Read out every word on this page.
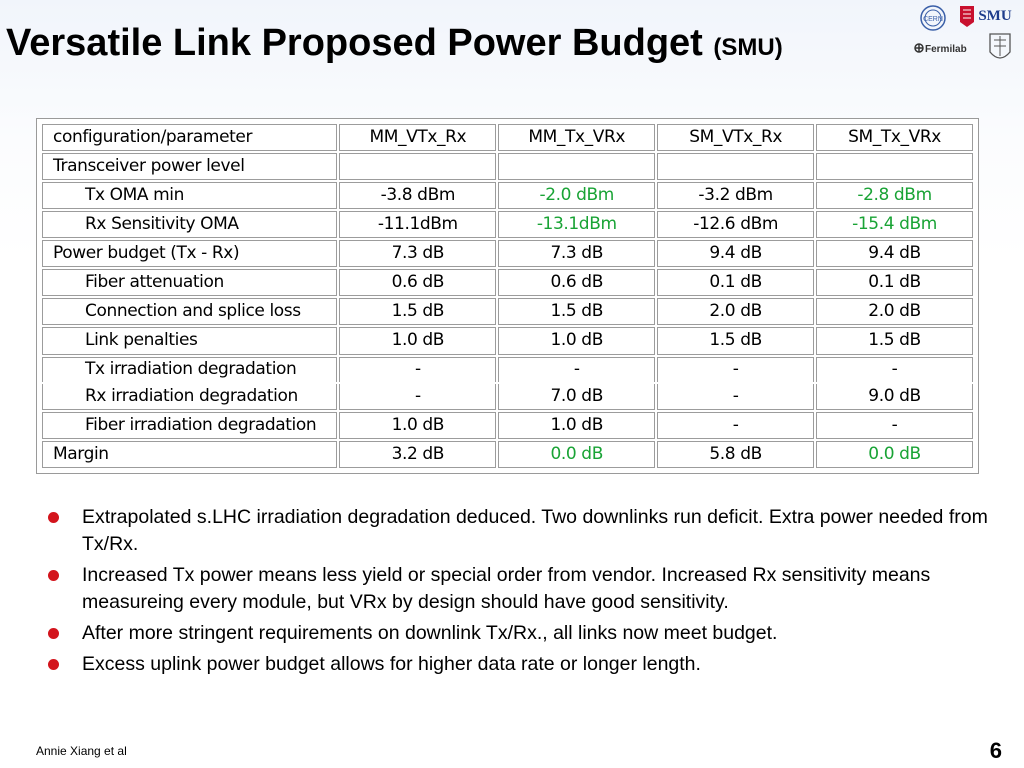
Versatile Link Proposed Power Budget (SMU)
CERN SMU
Fermilab
configuration/parameter	MM_VTx_Rx	MM_Tx_VRx	SM_VTx_Rx	SM_Tx_VRx
Transceiver power level				
Tx OMA min	-3.8 dBm	-2.0 dBm	-3.2 dBm	-2.8 dBm
Rx Sensitivity OMA	-11.1dBm	-13.1dBm	-12.6 dBm	-15.4 dBm
Power budget (Tx - Rx)	7.3 dB	7.3 dB	9.4 dB	9.4 dB
Fiber attenuation	0.6 dB	0.6 dB	0.1 dB	0.1 dB
Connection and splice loss	1.5 dB	1.5 dB	2.0 dB	2.0 dB
Link penalties	1.0 dB	1.0 dB	1.5 dB	1.5 dB
Tx irradiation degradation	-	-	-	-
Rx irradiation degradation	-	7.0 dB	-	9.0 dB
Fiber irradiation degradation	1.0 dB	1.0 dB	-	-
Margin	3.2 dB	0.0 dB	5.8 dB	0.0 dB
Extrapolated s.LHC irradiation degradation deduced. Two downlinks run deficit. Extra power needed from Tx/Rx.
Increased Tx power means less yield or special order from vendor. Increased Rx sensitivity means measureing every module, but VRx by design should have good sensitivity.
After more stringent requirements on downlink Tx/Rx., all links now meet budget.
Excess uplink power budget allows for higher data rate or longer length.
Annie Xiang et al	6
